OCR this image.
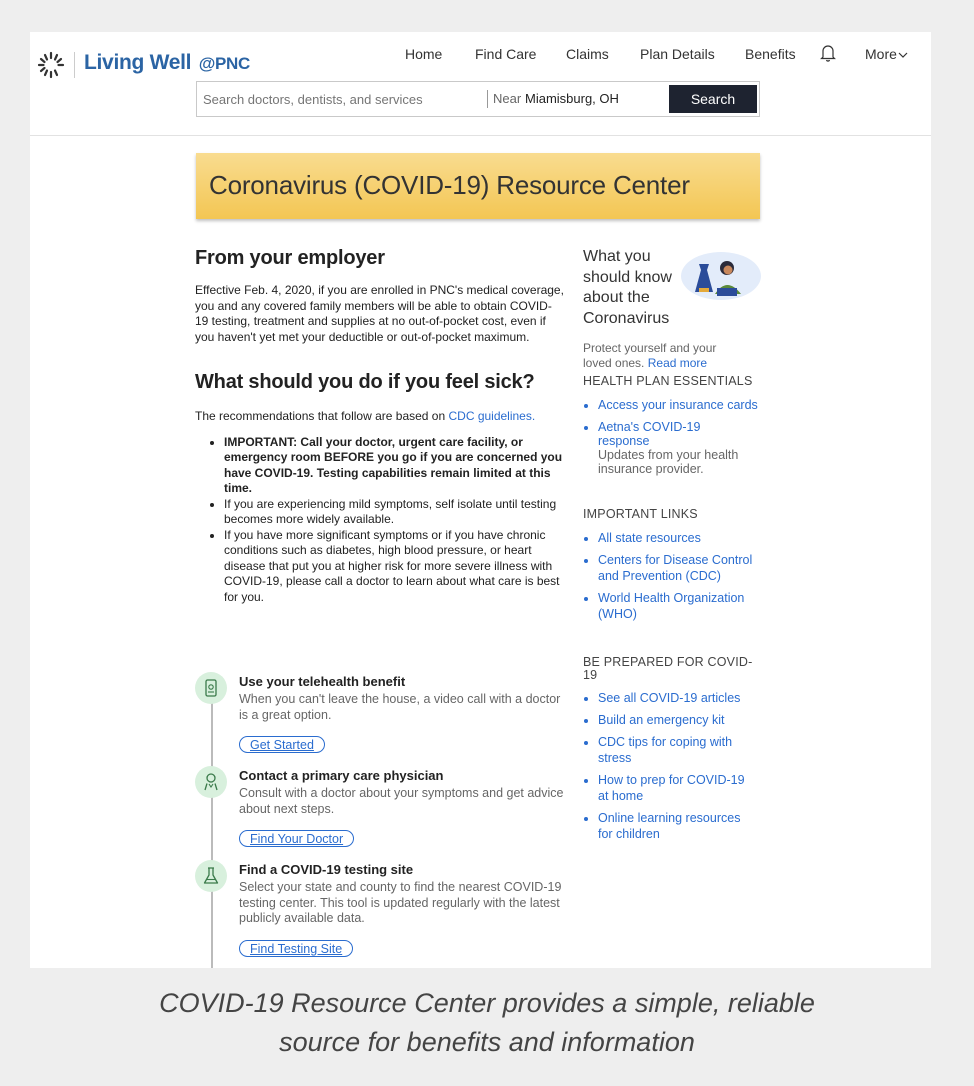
Living Well @PNC	Home Find Care Claims Plan Details Benefits	More
Search doctors, dentists, and services
Near Miamisburg, OH	Search
Coronavirus (COVID-19) Resource Center
From your employer
Effective Feb. 4, 2020, if you are enrolled in PNC's medical coverage, you and any covered family members will be able to obtain COVID-19 testing, treatment and supplies at no out-of-pocket cost, even if you haven't yet met your deductible or out-of-pocket maximum.
What should you do if you feel sick?
The recommendations that follow are based on CDC guidelines.
• IMPORTANT: Call your doctor, urgent care facility, or emergency room BEFORE you go if you are concerned you have COVID-19. Testing capabilities remain limited at this time.
• If you are experiencing mild symptoms, self isolate until testing becomes more widely available.
• If you have more significant symptoms or if you have chronic conditions such as diabetes, high blood pressure, or heart disease that put you at higher risk for more severe illness with COVID-19, please call a doctor to learn about what care is best for you.
Use your telehealth benefit
When you can't leave the house, a video call with a doctor is a great option.
Get Started
Contact a primary care physician
Consult with a doctor about your symptoms and get advice about next steps.
Find Your Doctor
Find a COVID-19 testing site
Select your state and county to find the nearest COVID-19 testing center. This tool is updated regularly with the latest publicly available data.
Find Testing Site
What you should know about the Coronavirus
Protect yourself and your loved ones. Read more
HEALTH PLAN ESSENTIALS
• Access your insurance cards
• Aetna's COVID-19 response
Updates from your health insurance provider.
IMPORTANT LINKS
• All state resources
• Centers for Disease Control and Prevention (CDC)
• World Health Organization (WHO)
BE PREPARED FOR COVID-19
• See all COVID-19 articles
• Build an emergency kit
• CDC tips for coping with stress
• How to prep for COVID-19 at home
• Online learning resources for children
COVID-19 Resource Center provides a simple, reliable
source for benefits and information
